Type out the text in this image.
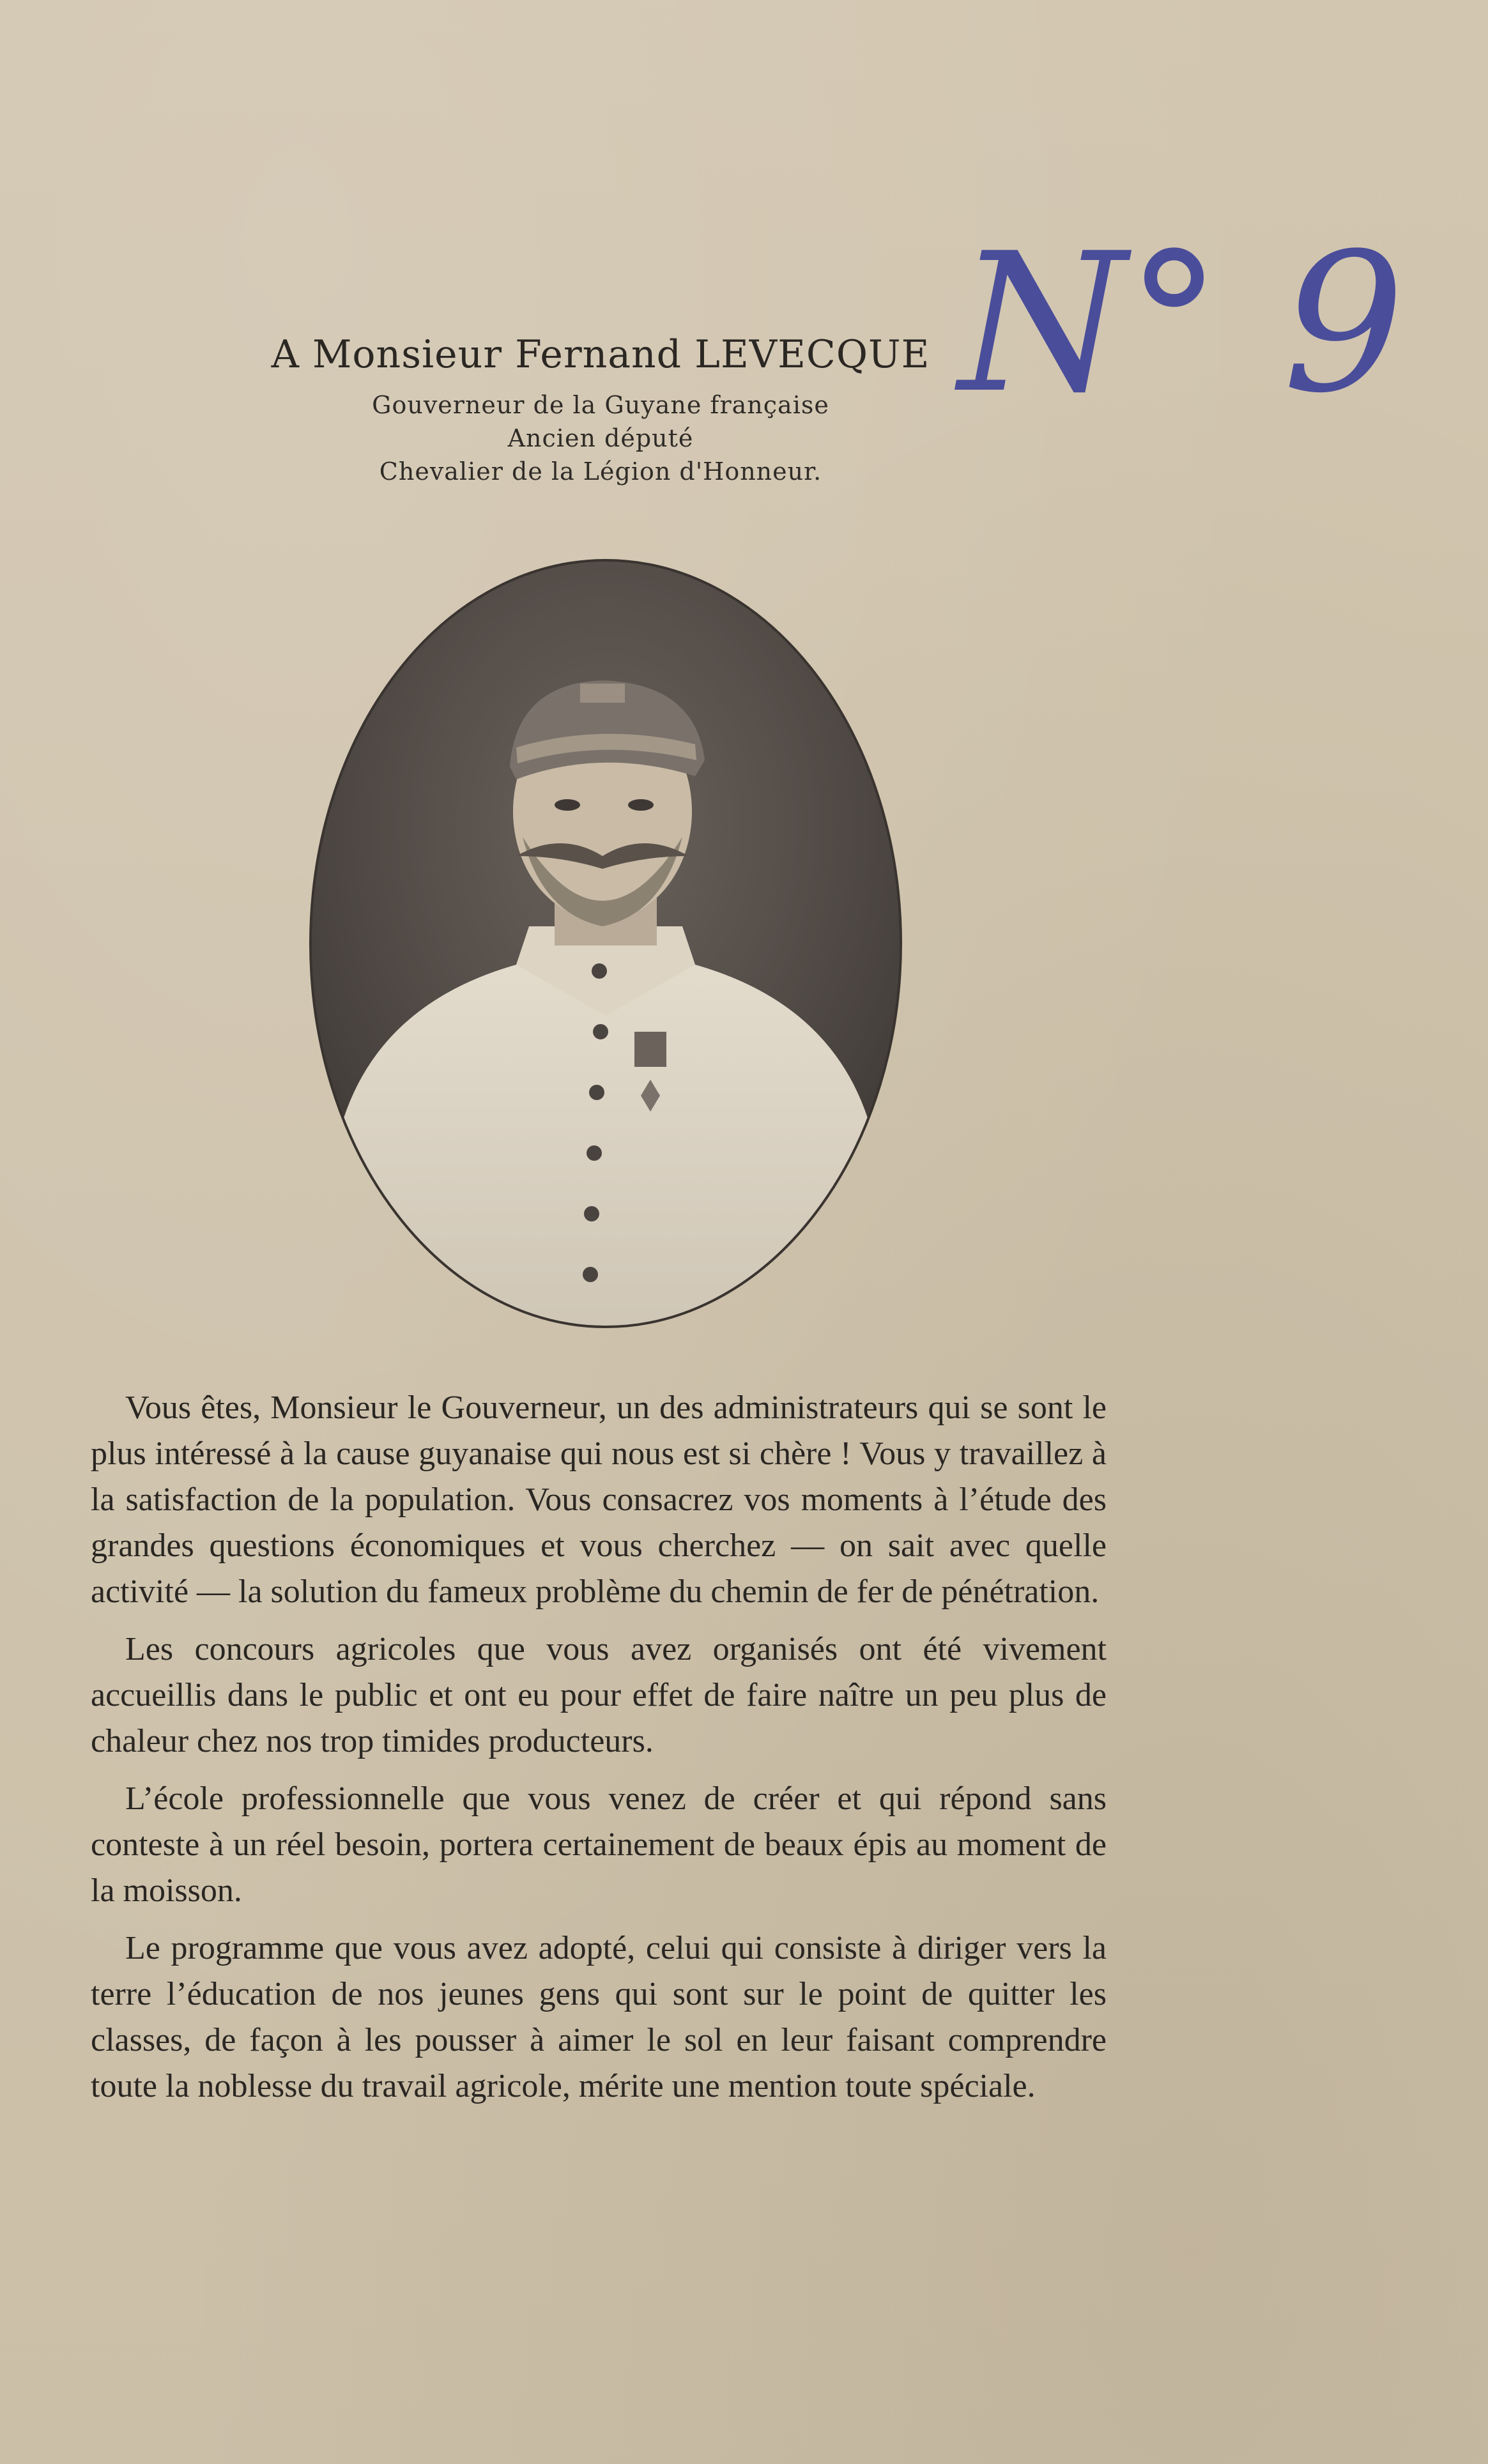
A Monsieur Fernand LEVECQUE

Gouverneur de la Guyane française

Ancien député

Chevalier de la Légion d'Honneur.

N° 9

Vous êtes, Monsieur le Gouverneur, un des administrateurs qui se sont le plus intéressé à la cause guyanaise qui nous est si chère ! Vous y travaillez à la satisfaction de la population. Vous consacrez vos moments à l’étude des grandes questions économiques et vous cherchez — on sait avec quelle activité — la solution du fameux problème du chemin de fer de pénétration.

Les concours agricoles que vous avez organisés ont été vivement accueillis dans le public et ont eu pour effet de faire naître un peu plus de chaleur chez nos trop timides producteurs.

L’école professionnelle que vous venez de créer et qui répond sans conteste à un réel besoin, portera certainement de beaux épis au moment de la moisson.

Le programme que vous avez adopté, celui qui consiste à diriger vers la terre l’éducation de nos jeunes gens qui sont sur le point de quitter les classes, de façon à les pousser à aimer le sol en leur faisant comprendre toute la noblesse du travail agricole, mérite une mention toute spéciale.
